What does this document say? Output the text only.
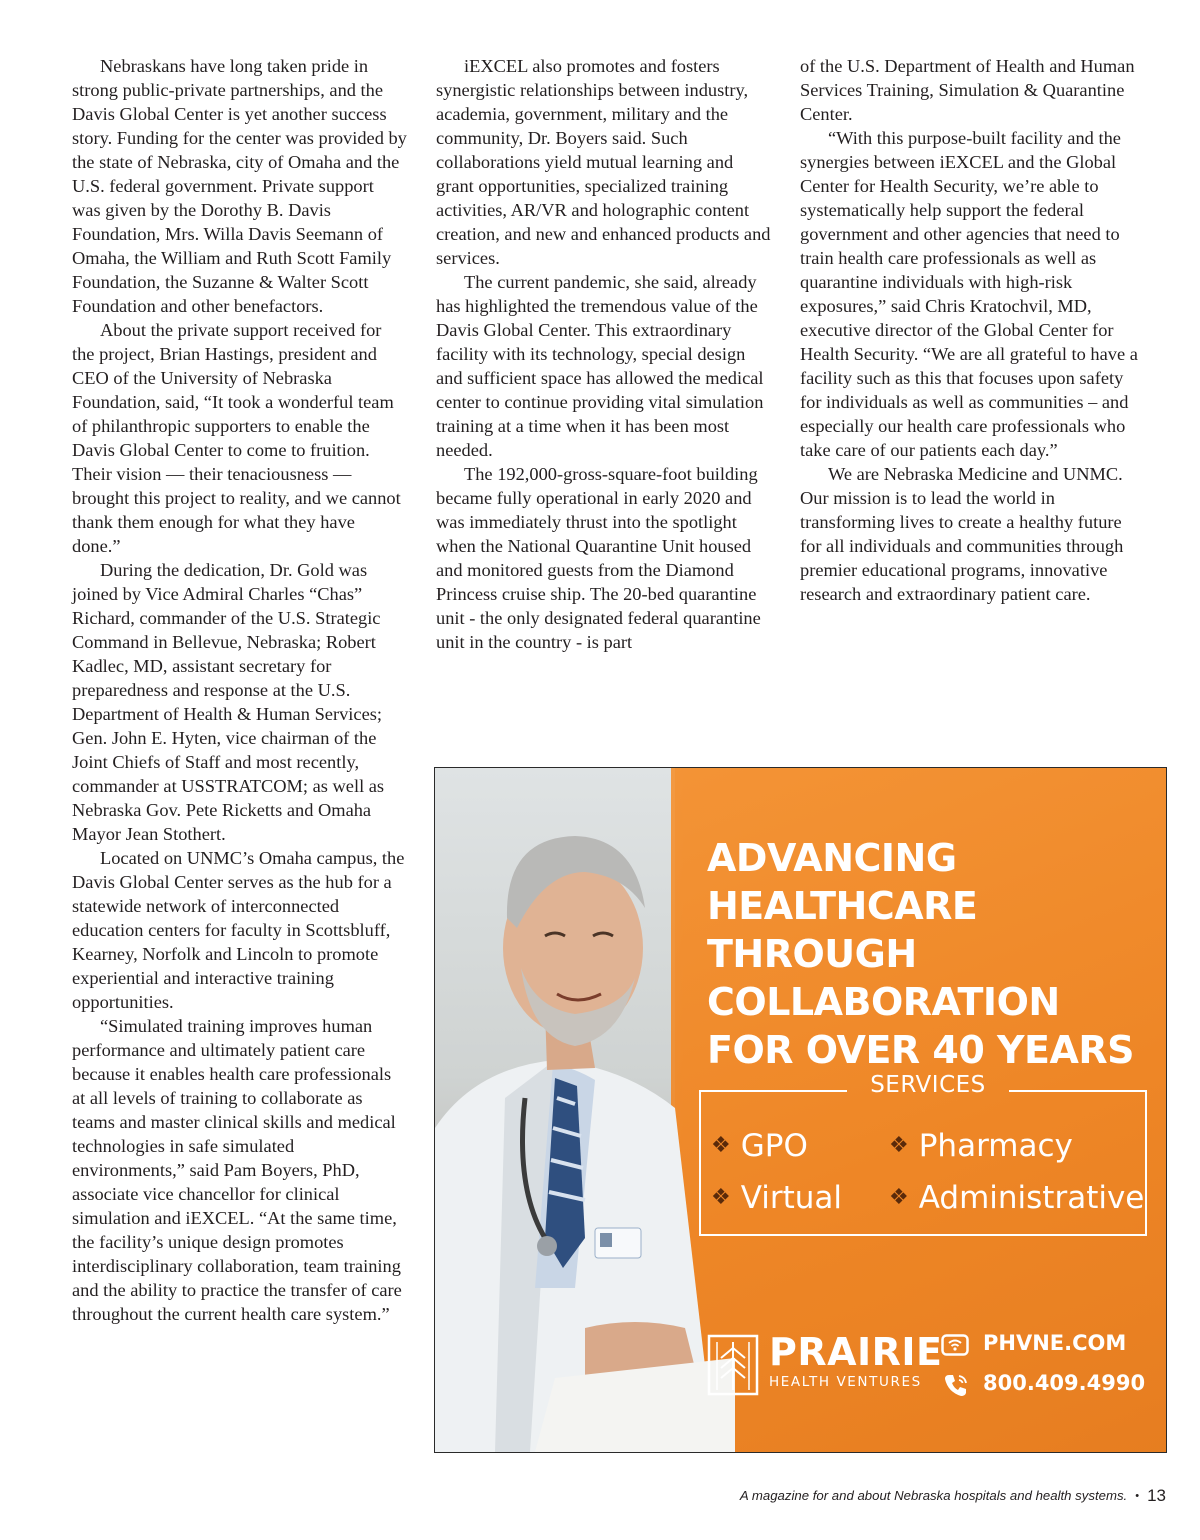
Nebraskans have long taken pride in strong public-private partnerships, and the Davis Global Center is yet another success story. Funding for the center was provided by the state of Nebraska, city of Omaha and the U.S. federal government. Private support was given by the Dorothy B. Davis Foundation, Mrs. Willa Davis Seemann of Omaha, the William and Ruth Scott Family Foundation, the Suzanne & Walter Scott Foundation and other benefactors.

About the private support received for the project, Brian Hastings, president and CEO of the University of Nebraska Foundation, said, “It took a wonderful team of philanthropic supporters to enable the Davis Global Center to come to fruition. Their vision — their tenaciousness — brought this project to reality, and we cannot thank them enough for what they have done.”

During the dedication, Dr. Gold was joined by Vice Admiral Charles “Chas” Richard, commander of the U.S. Strategic Command in Bellevue, Nebraska; Robert Kadlec, MD, assistant secretary for preparedness and response at the U.S. Department of Health & Human Services; Gen. John E. Hyten, vice chairman of the Joint Chiefs of Staff and most recently, commander at USSTRATCOM; as well as Nebraska Gov. Pete Ricketts and Omaha Mayor Jean Stothert.

Located on UNMC’s Omaha campus, the Davis Global Center serves as the hub for a statewide network of interconnected education centers for faculty in Scottsbluff, Kearney, Norfolk and Lincoln to promote experiential and interactive training opportunities.

“Simulated training improves human performance and ultimately patient care because it enables health care professionals at all levels of training to collaborate as teams and master clinical skills and medical technologies in safe simulated environments,” said Pam Boyers, PhD, associate vice chancellor for clinical simulation and iEXCEL. “At the same time, the facility’s unique design promotes interdisciplinary collaboration, team training and the ability to practice the transfer of care throughout the current health care system.”

iEXCEL also promotes and fosters synergistic relationships between industry, academia, government, military and the community, Dr. Boyers said. Such collaborations yield mutual learning and grant opportunities, specialized training activities, AR/VR and holographic content creation, and new and enhanced products and services.

The current pandemic, she said, already has highlighted the tremendous value of the Davis Global Center. This extraordinary facility with its technology, special design and sufficient space has allowed the medical center to continue providing vital simulation training at a time when it has been most needed.

The 192,000-gross-square-foot building became fully operational in early 2020 and was immediately thrust into the spotlight when the National Quarantine Unit housed and monitored guests from the Diamond Princess cruise ship. The 20-bed quarantine unit - the only designated federal quarantine unit in the country - is part

of the U.S. Department of Health and Human Services Training, Simulation & Quarantine Center.

“With this purpose-built facility and the synergies between iEXCEL and the Global Center for Health Security, we’re able to systematically help support the federal government and other agencies that need to train health care professionals as well as quarantine individuals with high-risk exposures,” said Chris Kratochvil, MD, executive director of the Global Center for Health Security. “We are all grateful to have a facility such as this that focuses upon safety for individuals as well as communities – and especially our health care professionals who take care of our patients each day.”

We are Nebraska Medicine and UNMC. Our mission is to lead the world in transforming lives to create a healthy future for all individuals and communities through premier educational programs, innovative research and extraordinary patient care.

ADVANCING HEALTHCARE THROUGH COLLABORATION FOR OVER 40 YEARS
SERVICES
❖ GPO	❖ Pharmacy
❖ Virtual ❖ Administrative
PRAIRIE
HEALTH VENTURES
PHVNE.COM
800.409.4990
A magazine for and about Nebraska hospitals and health systems. • 13
